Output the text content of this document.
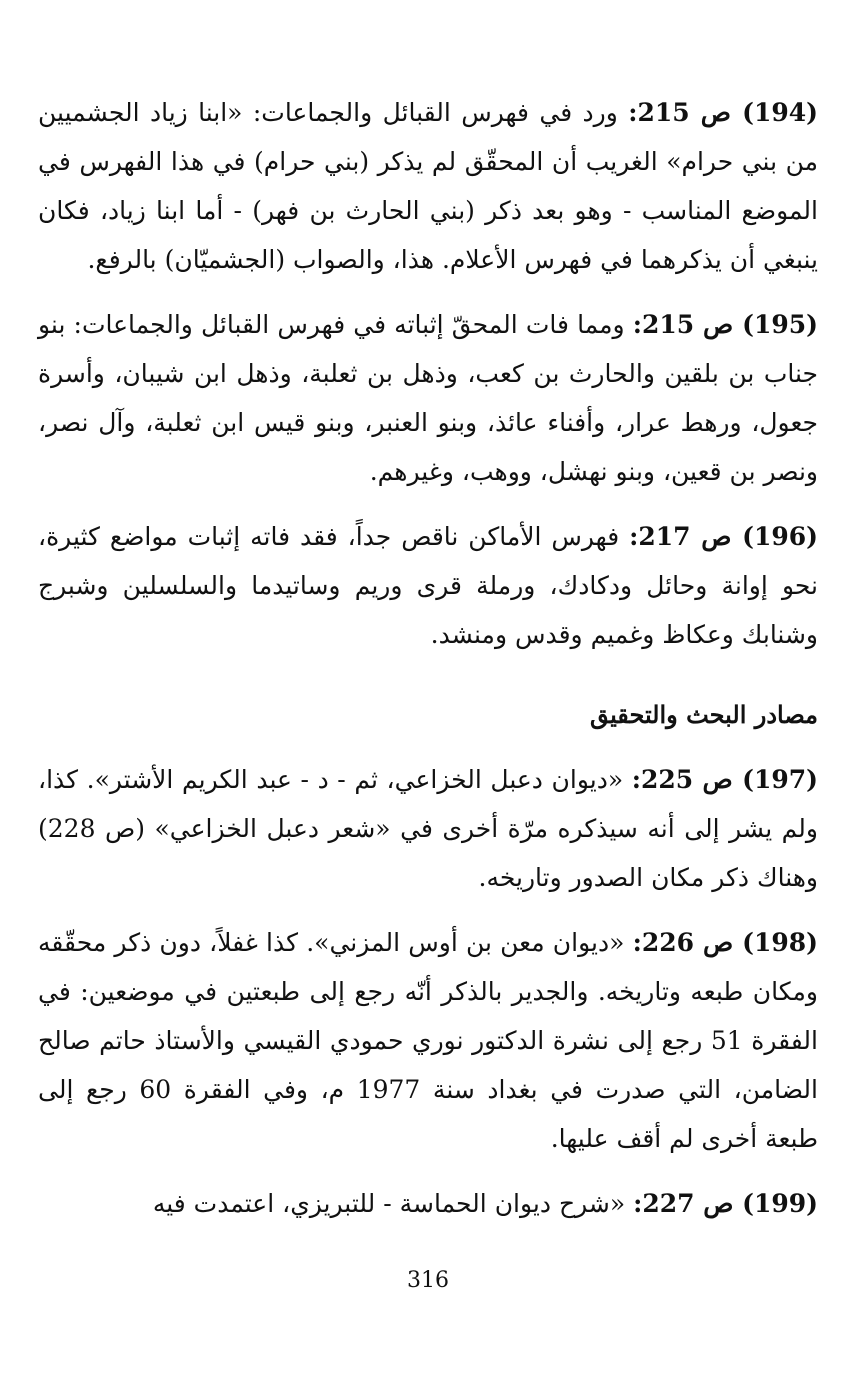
(194) ص 215: ورد في فهرس القبائل والجماعات: «ابنا زياد الجشميين من بني حرام» الغريب أن المحقّق لم يذكر (بني حرام) في هذا الفهرس في الموضع المناسب - وهو بعد ذكر (بني الحارث بن فهر) - أما ابنا زياد، فكان ينبغي أن يذكرهما في فهرس الأعلام. هذا، والصواب (الجشميّان) بالرفع.

(195) ص 215: ومما فات المحقّ إثباته في فهرس القبائل والجماعات: بنو جناب بن بلقين والحارث بن كعب، وذهل بن ثعلبة، وذهل ابن شيبان، وأسرة جعول، ورهط عرار، وأفناء عائذ، وبنو العنبر، وبنو قيس ابن ثعلبة، وآل نصر، ونصر بن قعين، وبنو نهشل، ووهب، وغيرهم.

(196) ص 217: فهرس الأماكن ناقص جداً، فقد فاته إثبات مواضع كثيرة، نحو إوانة وحائل ودكادك، ورملة قرى وريم وساتيدما والسلسلين وشبرج وشنابك وعكاظ وغميم وقدس ومنشد.

مصادر البحث والتحقيق

(197) ص 225: «ديوان دعبل الخزاعي، ثم - د - عبد الكريم الأشتر». كذا، ولم يشر إلى أنه سيذكره مرّة أخرى في «شعر دعبل الخزاعي» (ص 228) وهناك ذكر مكان الصدور وتاريخه.

(198) ص 226: «ديوان معن بن أوس المزني». كذا غفلاً، دون ذكر محقّقه ومكان طبعه وتاريخه. والجدير بالذكر أنّه رجع إلى طبعتين في موضعين: في الفقرة 51 رجع إلى نشرة الدكتور نوري حمودي القيسي والأستاذ حاتم صالح الضامن، التي صدرت في بغداد سنة 1977 م، وفي الفقرة 60 رجع إلى طبعة أخرى لم أقف عليها.

(199) ص 227: «شرح ديوان الحماسة - للتبريزي، اعتمدت فيه

316
